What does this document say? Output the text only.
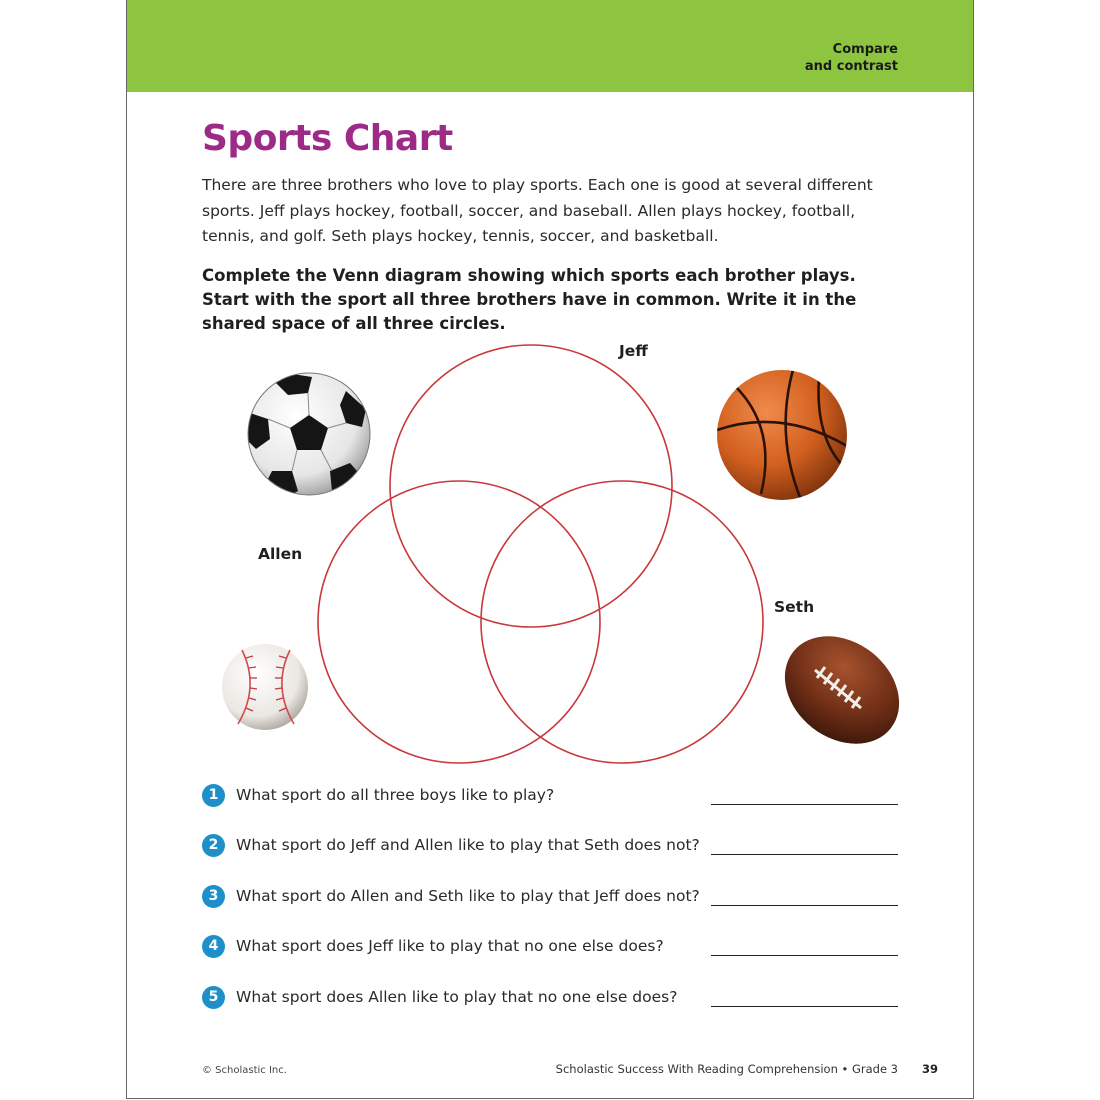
Compare
and contrast
Sports Chart

There are three brothers who love to play sports. Each one is good at several different sports. Jeff plays hockey, football, soccer, and baseball. Allen plays hockey, football, tennis, and golf. Seth plays hockey, tennis, soccer, and basketball.

Complete the Venn diagram showing which sports each brother plays. Start with the sport all three brothers have in common. Write it in the shared space of all three circles.

Jeff
Allen
Seth
1	What sport do all three boys like to play?
2	What sport do Jeff and Allen like to play that Seth does not?
3	What sport do Allen and Seth like to play that Jeff does not?
4	What sport does Jeff like to play that no one else does?
5	What sport does Allen like to play that no one else does?
© Scholastic Inc.	Scholastic Success With Reading Comprehension • Grade 3 39
